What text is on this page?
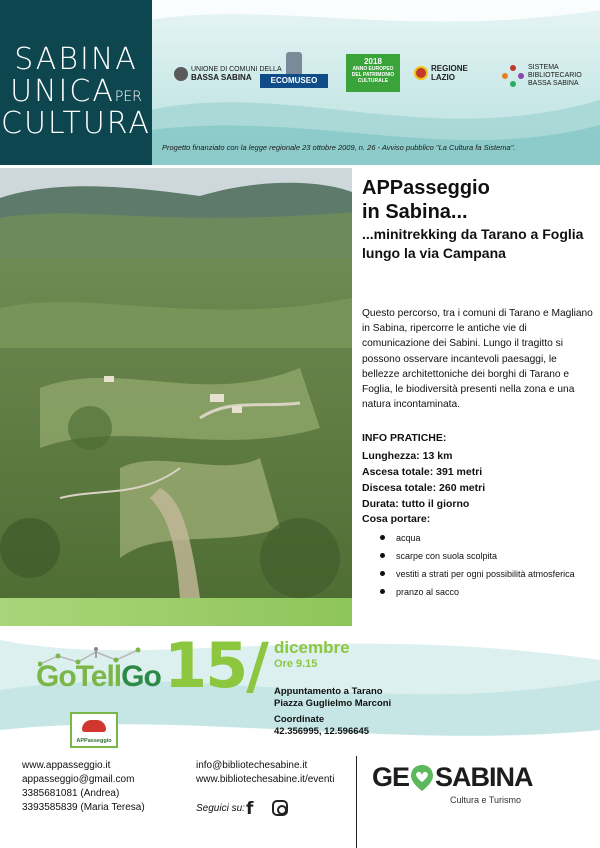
SABINA
UNICAPER
CULTURA
UNIONE DI COMUNI DELLA
BASSA SABINA	ECOMUSEO
2018
ANNO EUROPEO
DEL PATRIMONIO
CULTURALE
REGIONE
LAZIO
SISTEMA
BIBLIOTECARIO
BASSA SABINA
Progetto finanziato con la legge regionale 23 ottobre 2009, n. 26 - Avviso pubblico "La Cultura fa Sistema".
APPasseggio
in Sabina...
...minitrekking da Tarano a Foglia
lungo la via Campana

Questo percorso, tra i comuni di Tarano e Magliano in Sabina, ripercorre le antiche vie di comunicazione dei Sabini. Lungo il tragitto si possono osservare incantevoli paesaggi, le bellezze architettoniche dei borghi di Tarano e Foglia, le biodiversità presenti nella zona e una natura incontaminata.

INFO PRATICHE:
Lunghezza: 13 km
Ascesa totale: 391 metri
Discesa totale: 260 metri
Durata: tutto il giorno
Cosa portare:
acqua
scarpe con suola scolpita
vestiti a strati per ogni possibilità atmosferica
pranzo al sacco
GoTellGo
APPasseggio
15/ dicembre
Ore 9.15
Appuntamento a Tarano
Piazza Guglielmo Marconi
Coordinate
42.356995, 12.596645
www.appasseggio.it
appasseggio@gmail.com
3385681081 (Andrea)
3393585839 (Maria Teresa)
info@bibliotechesabine.it
www.bibliotechesabine.it/eventi
Seguici su: f
GE SABINA
Cultura e Turismo
